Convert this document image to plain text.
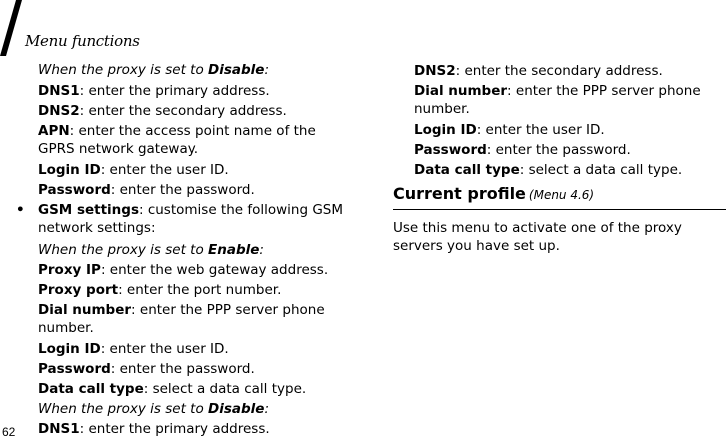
Menu functions

When the proxy is set to Disable:

DNS1: enter the primary address.

DNS2: enter the secondary address.

APN: enter the access point name of the

GPRS network gateway.

Login ID: enter the user ID.

Password: enter the password.

• GSM settings: customise the following GSM

network settings:

When the proxy is set to Enable:

Proxy IP: enter the web gateway address.

Proxy port: enter the port number.

Dial number: enter the PPP server phone

number.

Login ID: enter the user ID.

Password: enter the password.

Data call type: select a data call type.

When the proxy is set to Disable:

DNS1: enter the primary address.

DNS2: enter the secondary address.

Dial number: enter the PPP server phone

number.

Login ID: enter the user ID.

Password: enter the password.

Data call type: select a data call type.

Current profile (Menu 4.6)

Use this menu to activate one of the proxy

servers you have set up.

62
